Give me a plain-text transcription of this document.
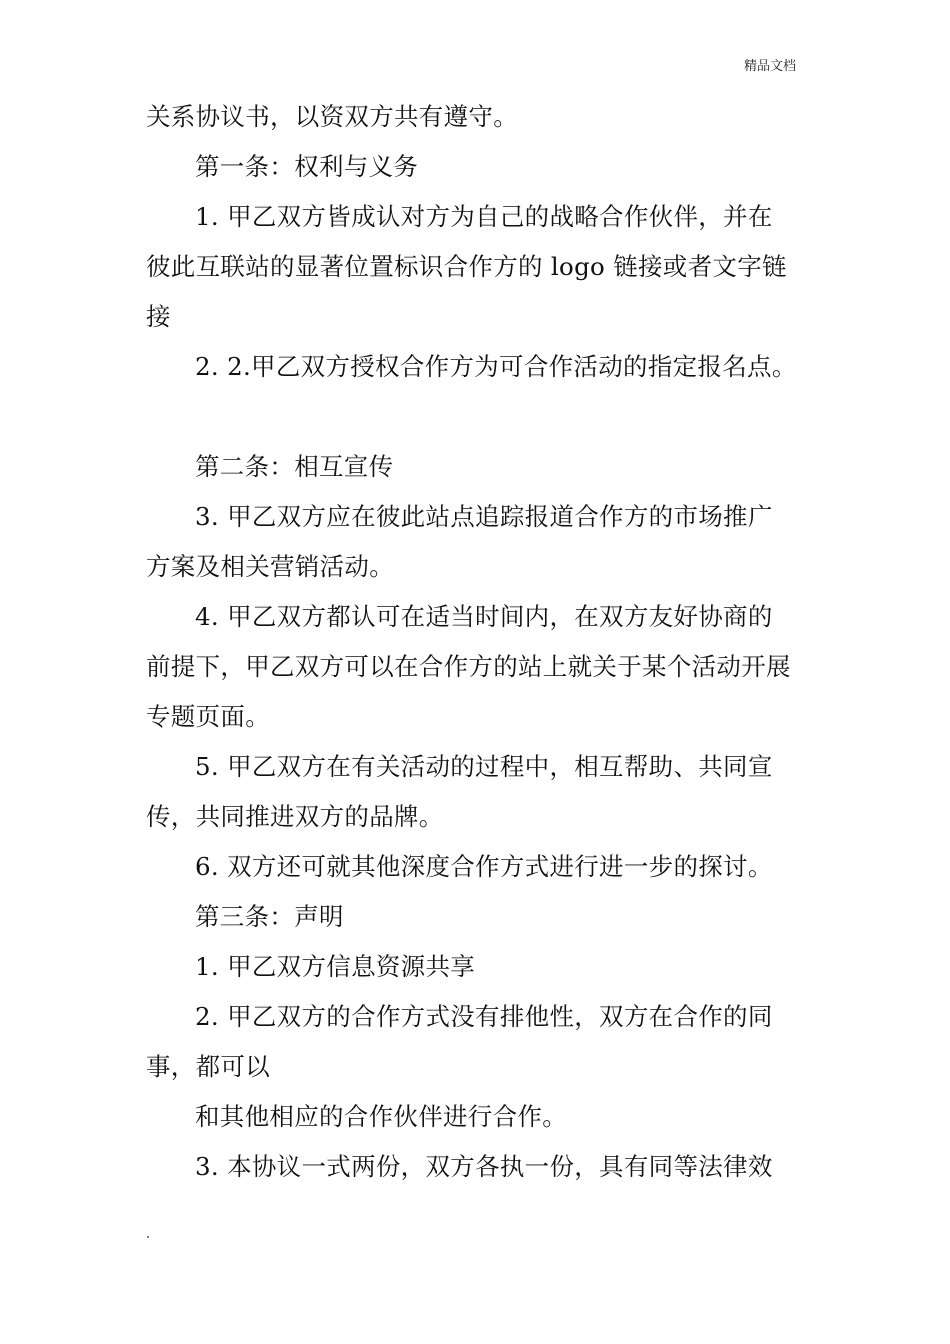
精品文档
关系协议书，以资双方共有遵守。
第一条：权利与义务
1. 甲乙双方皆成认对方为自己的战略合作伙伴，并在
彼此互联站的显著位置标识合作方的 logo 链接或者文字链
接
2. 2.甲乙双方授权合作方为可合作活动的指定报名点。
第二条：相互宣传
3. 甲乙双方应在彼此站点追踪报道合作方的市场推广
方案及相关营销活动。
4. 甲乙双方都认可在适当时间内，在双方友好协商的
前提下，甲乙双方可以在合作方的站上就关于某个活动开展
专题页面。
5. 甲乙双方在有关活动的过程中，相互帮助、共同宣
传，共同推进双方的品牌。
6. 双方还可就其他深度合作方式进行进一步的探讨。
第三条：声明
1. 甲乙双方信息资源共享
2. 甲乙双方的合作方式没有排他性，双方在合作的同
事，都可以
和其他相应的合作伙伴进行合作。
3. 本协议一式两份，双方各执一份，具有同等法律效
